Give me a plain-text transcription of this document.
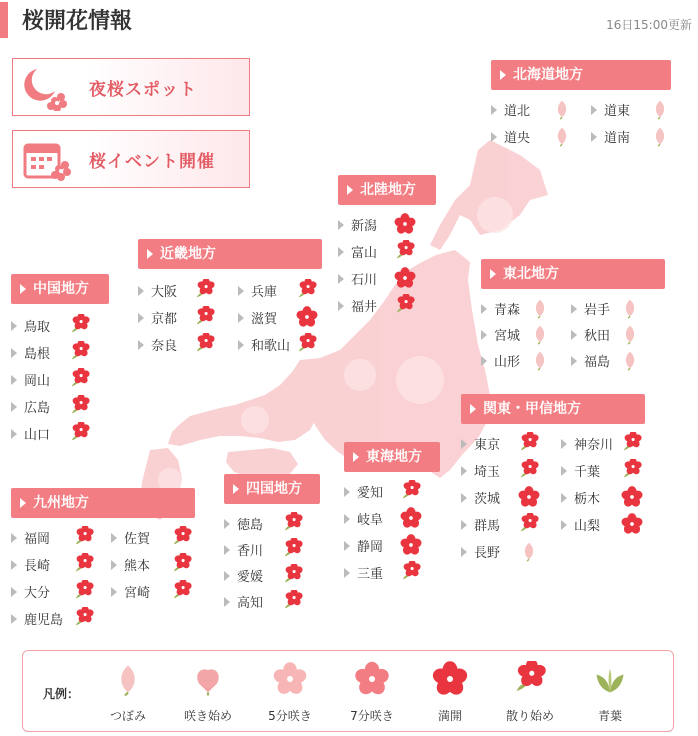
桜開花情報	16日15:00更新
夜桜スポット
桜イベント開催
北海道地方
道北	道東
道央	道南
北陸地方
新潟
富山
石川
福井
東北地方
青森	岩手
宮城	秋田
山形	福島
近畿地方
大阪	兵庫
京都	滋賀
奈良	和歌山
中国地方
鳥取
島根
岡山
広島
山口
関東・甲信地方
東京	神奈川
埼玉	千葉
茨城	栃木
群馬	山梨
長野
東海地方
愛知
岐阜
静岡
三重
四国地方
徳島
香川
愛媛
高知
九州地方
福岡	佐賀
長崎	熊本
大分	宮崎
鹿児島
凡例：
つぼみ	咲き始め	5分咲き	7分咲き	満開	散り始め	青葉
